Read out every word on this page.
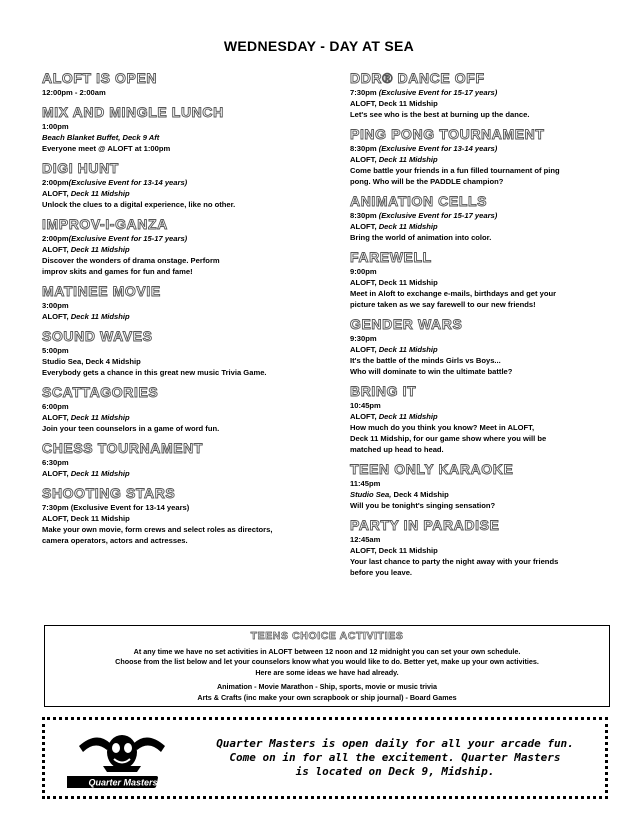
WEDNESDAY - DAY AT SEA
ALOFT IS OPEN
12:00pm - 2:00am
MIX AND MINGLE LUNCH
1:00pm
Beach Blanket Buffet, Deck 9 Aft
Everyone meet @ ALOFT at 1:00pm
DIGI HUNT
2:00pm(Exclusive Event for 13-14 years)
ALOFT, Deck 11 Midship
Unlock the clues to a digital experience, like no other.
IMPROV-I-GANZA
2:00pm(Exclusive Event for 15-17 years)
ALOFT, Deck 11 Midship
Discover the wonders of drama onstage. Perform
improv skits and games for fun and fame!
MATINEE MOVIE
3:00pm
ALOFT, Deck 11 Midship
SOUND WAVES
5:00pm
Studio Sea, Deck 4 Midship
Everybody gets a chance in this great new music Trivia Game.
SCATTAGORIES
6:00pm
ALOFT, Deck 11 Midship
Join your teen counselors in a game of word fun.
CHESS TOURNAMENT
6:30pm
ALOFT, Deck 11 Midship
SHOOTING STARS
7:30pm (Exclusive Event for 13-14 years)
ALOFT, Deck 11 Midship
Make your own movie, form crews and select roles as directors,
camera operators, actors and actresses.
DDR® DANCE OFF
7:30pm (Exclusive Event for 15-17 years)
ALOFT, Deck 11 Midship
Let's see who is the best at burning up the dance.
PING PONG TOURNAMENT
8:30pm (Exclusive Event for 13-14 years)
ALOFT, Deck 11 Midship
Come battle your friends in a fun filled tournament of ping
pong. Who will be the PADDLE champion?
ANIMATION CELLS
8:30pm (Exclusive Event for 15-17 years)
ALOFT, Deck 11 Midship
Bring the world of animation into color.
FAREWELL
9:00pm
ALOFT, Deck 11 Midship
Meet in Aloft to exchange e-mails, birthdays and get your
picture taken as we say farewell to our new friends!
GENDER WARS
9:30pm
ALOFT, Deck 11 Midship
It's the battle of the minds Girls vs Boys...
Who will dominate to win the ultimate battle?
BRING IT
10:45pm
ALOFT, Deck 11 Midship
How much do you think you know? Meet in ALOFT,
Deck 11 Midship, for our game show where you will be
matched up head to head.
TEEN ONLY KARAOKE
11:45pm
Studio Sea, Deck 4 Midship
Will you be tonight's singing sensation?
PARTY IN PARADISE
12:45am
ALOFT, Deck 11 Midship
Your last chance to party the night away with your friends
before you leave.
TEENS CHOICE ACTIVITIES
At any time we have no set activities in ALOFT between 12 noon and 12 midnight you can set your own schedule.
Choose from the list below and let your counselors know what you would like to do. Better yet, make up your own activities.
Here are some ideas we have had already.
Animation - Movie Marathon - Ship, sports, movie or music trivia
Arts & Crafts (inc make your own scrapbook or ship journal) - Board Games
Quarter Masters
Quarter Masters is open daily for all your arcade fun.
Come on in for all the excitement. Quarter Masters
is located on Deck 9, Midship.
